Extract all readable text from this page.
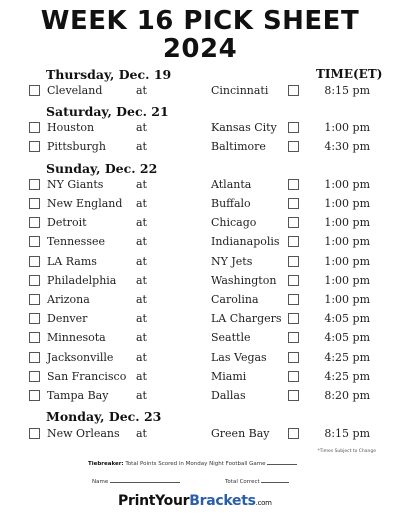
WEEK 16 PICK SHEET
2024
TIME(ET)
Thursday, Dec. 19
Cleveland	at	Cincinnati	8:15 pm
Saturday, Dec. 21
Houston	at	Kansas City	1:00 pm
Pittsburgh	at	Baltimore	4:30 pm
Sunday, Dec. 22
NY Giants	at	Atlanta	1:00 pm
New England at	Buffalo	1:00 pm
Detroit	at	Chicago	1:00 pm
Tennessee	at	Indianapolis	1:00 pm
LA Rams	at	NY Jets	1:00 pm
Philadelphia at	Washington	1:00 pm
Arizona	at	Carolina	1:00 pm
Denver	at	LA Chargers	4:05 pm
Minnesota	at	Seattle	4:05 pm
Jacksonville at	Las Vegas	4:25 pm
San Francisco at	Miami	4:25 pm
Tampa Bay	at	Dallas	8:20 pm
Monday, Dec. 23
New Orleans at	Green Bay	8:15 pm
*Times Subject to Change
Tiebreaker: Total Points Scored in Monday Night Football Game
Name	Total Correct
PrintYourBrackets.com
